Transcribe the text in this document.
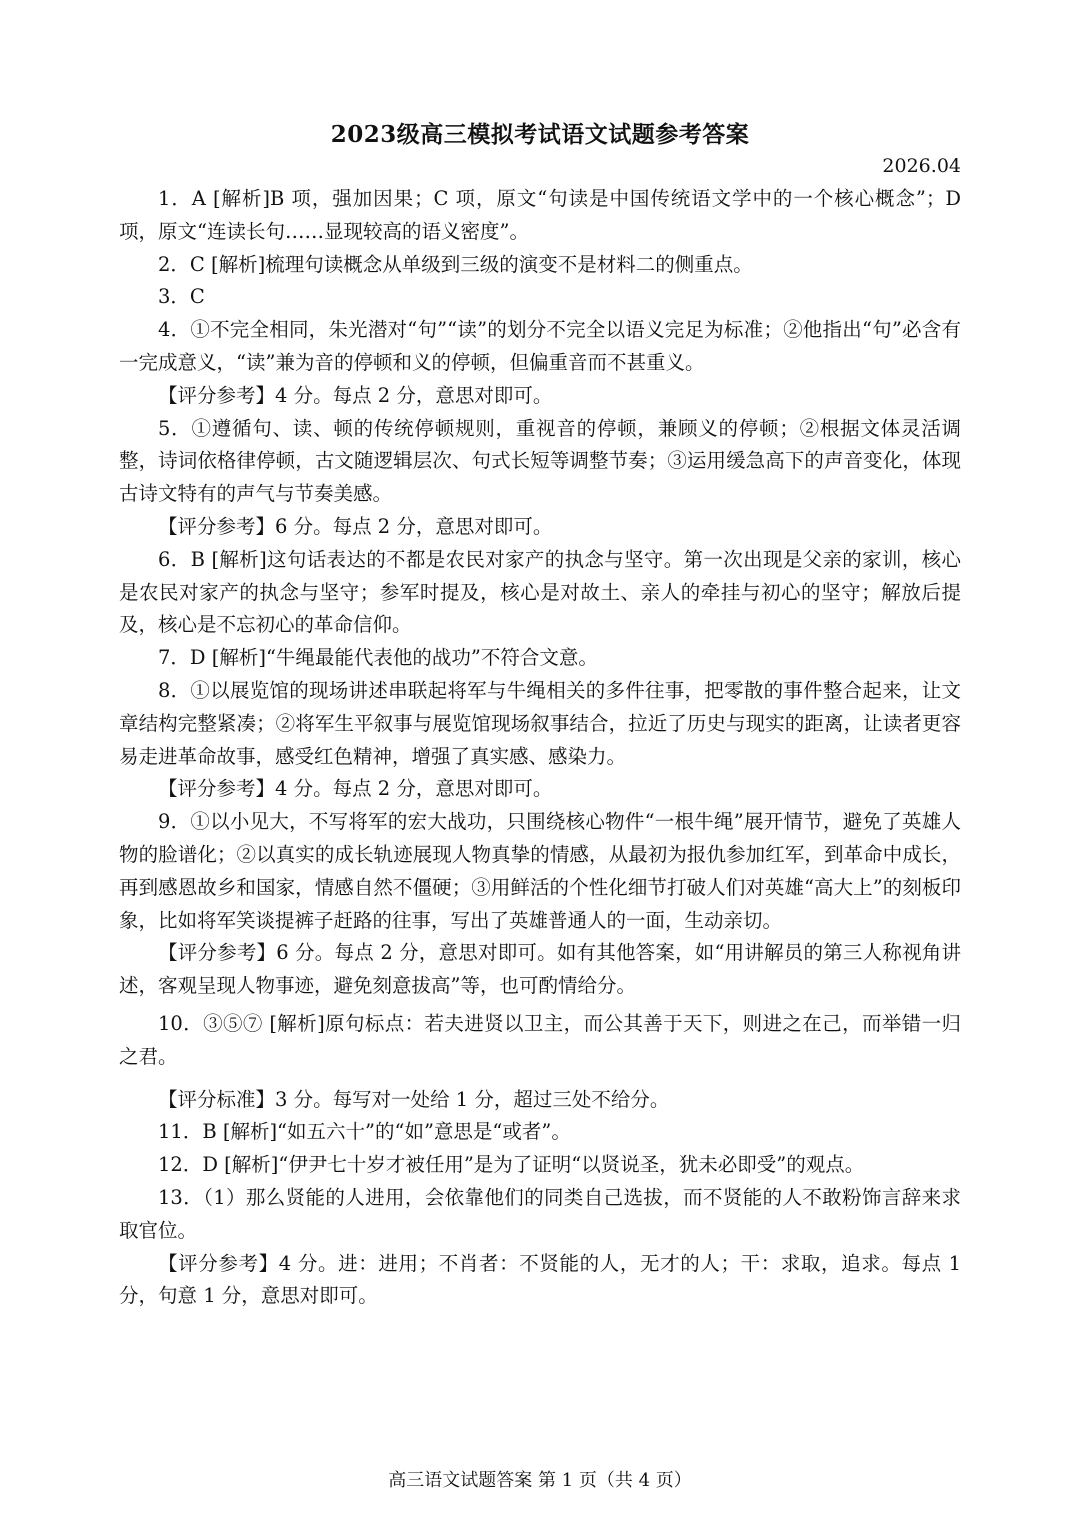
2023级高三模拟考试语文试题参考答案
2026.04

1．A [解析]B 项，强加因果；C 项，原文“句读是中国传统语文学中的一个核心概念”；D 项，原文“连读长句……显现较高的语义密度”。

2．C [解析]梳理句读概念从单级到三级的演变不是材料二的侧重点。

3．C

4．①不完全相同，朱光潜对“句”“读”的划分不完全以语义完足为标准；②他指出“句”必含有一完成意义，“读”兼为音的停顿和义的停顿，但偏重音而不甚重义。

【评分参考】4 分。每点 2 分，意思对即可。

5．①遵循句、读、顿的传统停顿规则，重视音的停顿，兼顾义的停顿；②根据文体灵活调整，诗词依格律停顿，古文随逻辑层次、句式长短等调整节奏；③运用缓急高下的声音变化，体现古诗文特有的声气与节奏美感。

【评分参考】6 分。每点 2 分，意思对即可。

6．B [解析]这句话表达的不都是农民对家产的执念与坚守。第一次出现是父亲的家训，核心是农民对家产的执念与坚守；参军时提及，核心是对故土、亲人的牵挂与初心的坚守；解放后提及，核心是不忘初心的革命信仰。

7．D [解析]“牛绳最能代表他的战功”不符合文意。

8．①以展览馆的现场讲述串联起将军与牛绳相关的多件往事，把零散的事件整合起来，让文章结构完整紧凑；②将军生平叙事与展览馆现场叙事结合，拉近了历史与现实的距离，让读者更容易走进革命故事，感受红色精神，增强了真实感、感染力。

【评分参考】4 分。每点 2 分，意思对即可。

9．①以小见大，不写将军的宏大战功，只围绕核心物件“一根牛绳”展开情节，避免了英雄人物的脸谱化；②以真实的成长轨迹展现人物真挚的情感，从最初为报仇参加红军，到革命中成长，再到感恩故乡和国家，情感自然不僵硬；③用鲜活的个性化细节打破人们对英雄“高大上”的刻板印象，比如将军笑谈提裤子赶路的往事，写出了英雄普通人的一面，生动亲切。

【评分参考】6 分。每点 2 分，意思对即可。如有其他答案，如“用讲解员的第三人称视角讲述，客观呈现人物事迹，避免刻意拔高”等，也可酌情给分。

10．③⑤⑦ [解析]原句标点：若夫进贤以卫主，而公其善于天下，则进之在己，而举错一归之君。

【评分标准】3 分。每写对一处给 1 分，超过三处不给分。

11．B [解析]“如五六十”的“如”意思是“或者”。

12．D [解析]“伊尹七十岁才被任用”是为了证明“以贤说圣，犹未必即受”的观点。

13．（1）那么贤能的人进用，会依靠他们的同类自己选拔，而不贤能的人不敢粉饰言辞来求取官位。

【评分参考】4 分。进：进用；不肖者：不贤能的人，无才的人；干：求取，追求。每点 1 分，句意 1 分，意思对即可。

高三语文试题答案 第 1 页（共 4 页）
